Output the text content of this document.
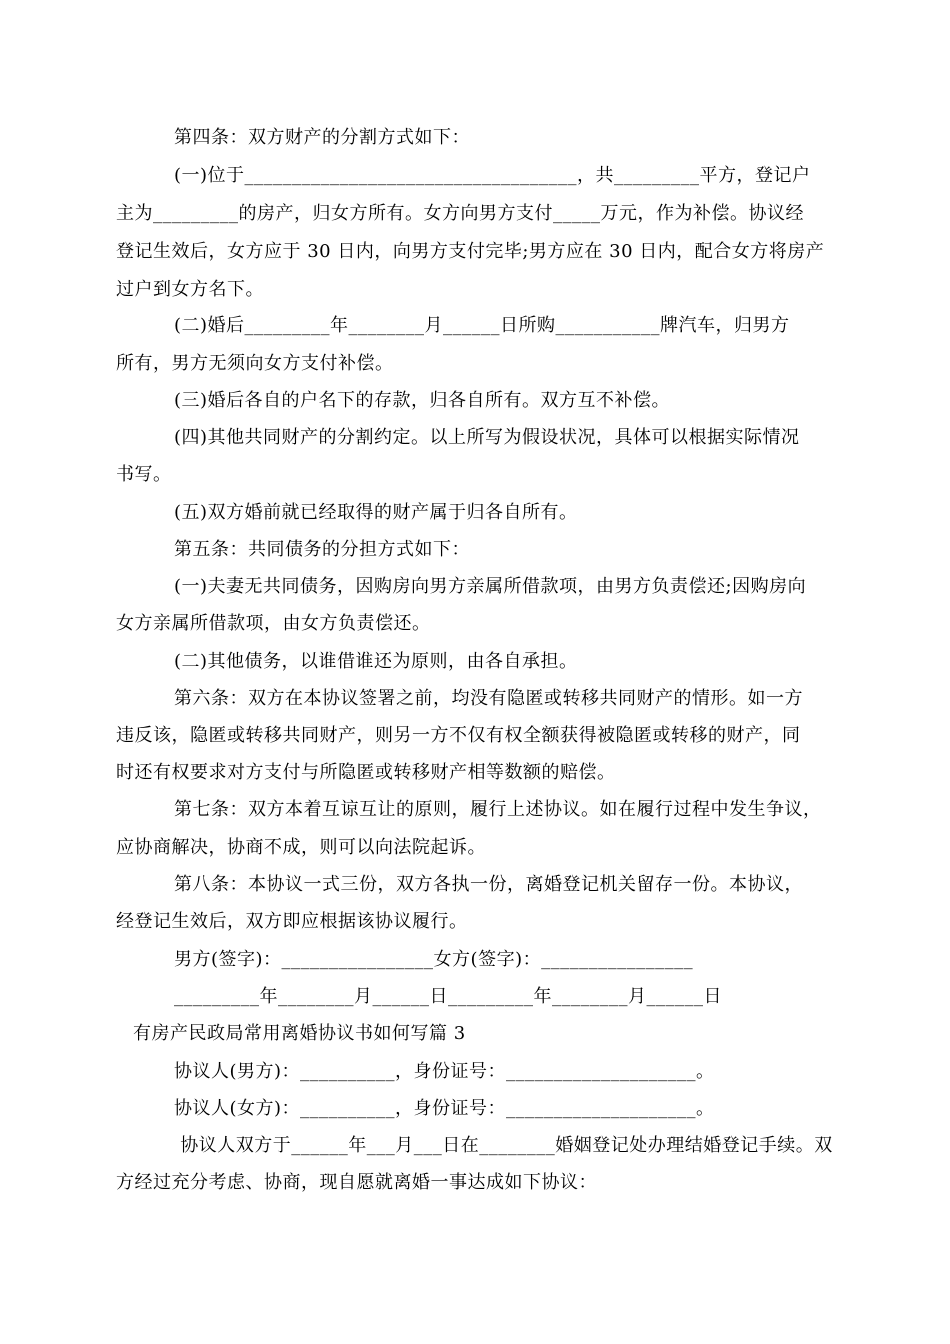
第四条：双方财产的分割方式如下：
(一)位于___________________________________，共_________平方，登记户
主为_________的房产，归女方所有。女方向男方支付_____万元，作为补偿。协议经
登记生效后，女方应于 30 日内，向男方支付完毕;男方应在 30 日内，配合女方将房产
过户到女方名下。
(二)婚后_________年________月______日所购___________牌汽车，归男方
所有，男方无须向女方支付补偿。
(三)婚后各自的户名下的存款，归各自所有。双方互不补偿。
(四)其他共同财产的分割约定。以上所写为假设状况，具体可以根据实际情况
书写。
(五)双方婚前就已经取得的财产属于归各自所有。
第五条：共同债务的分担方式如下：
(一)夫妻无共同债务，因购房向男方亲属所借款项，由男方负责偿还;因购房向
女方亲属所借款项，由女方负责偿还。
(二)其他债务，以谁借谁还为原则，由各自承担。
第六条：双方在本协议签署之前，均没有隐匿或转移共同财产的情形。如一方
违反该，隐匿或转移共同财产，则另一方不仅有权全额获得被隐匿或转移的财产，同
时还有权要求对方支付与所隐匿或转移财产相等数额的赔偿。
第七条：双方本着互谅互让的原则，履行上述协议。如在履行过程中发生争议，
应协商解决，协商不成，则可以向法院起诉。
第八条：本协议一式三份，双方各执一份，离婚登记机关留存一份。本协议，
经登记生效后，双方即应根据该协议履行。
男方(签字)：________________女方(签字)：________________
_________年________月______日_________年________月______日
有房产民政局常用离婚协议书如何写篇 3
协议人(男方)：__________，身份证号：____________________。
协议人(女方)：__________，身份证号：____________________。
协议人双方于______年___月___日在________婚姻登记处办理结婚登记手续。双
方经过充分考虑、协商，现自愿就离婚一事达成如下协议：
